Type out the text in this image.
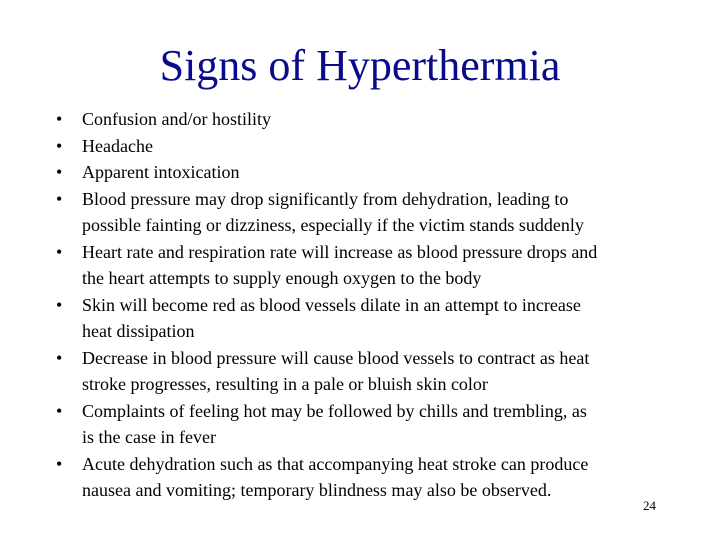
Signs of Hyperthermia
• Confusion and/or hostility
• Headache
• Apparent intoxication
• Blood pressure may drop significantly from dehydration, leading to
possible fainting or dizziness, especially if the victim stands suddenly
• Heart rate and respiration rate will increase as blood pressure drops and
the heart attempts to supply enough oxygen to the body
• Skin will become red as blood vessels dilate in an attempt to increase
heat dissipation
• Decrease in blood pressure will cause blood vessels to contract as heat
stroke progresses, resulting in a pale or bluish skin color
• Complaints of feeling hot may be followed by chills and trembling, as
is the case in fever
• Acute dehydration such as that accompanying heat stroke can produce
nausea and vomiting; temporary blindness may also be observed.
24
